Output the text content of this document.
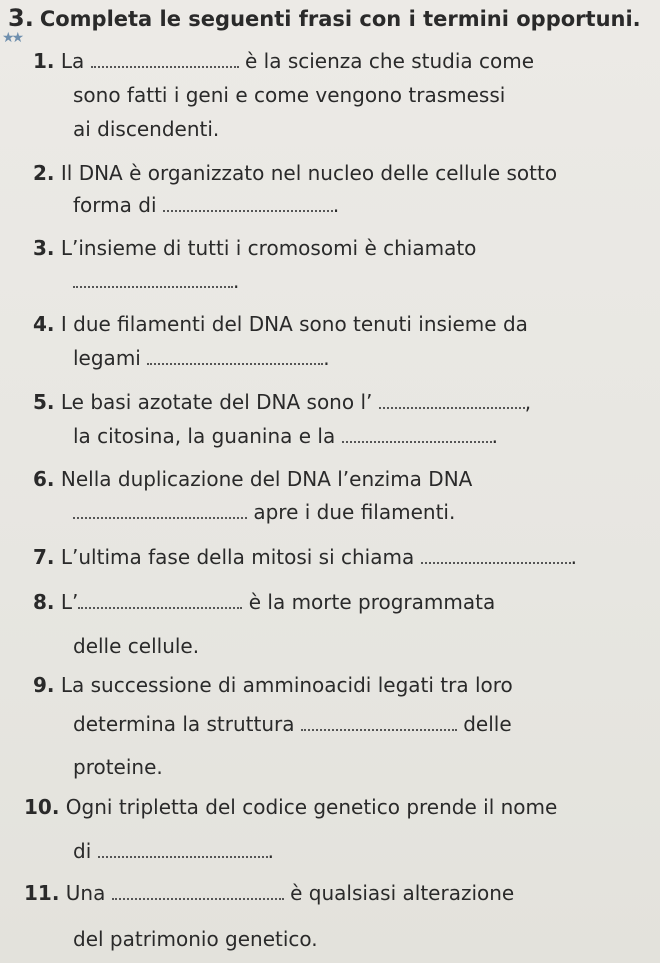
3. Completa le seguenti frasi con i termini opportuni.
★★
1. La	è la scienza che studia come
sono fatti i geni e come vengono trasmessi
ai discendenti.
2. Il DNA è organizzato nel nucleo delle cellule sotto
forma di	.
3. L’insieme di tutti i cromosomi è chiamato
.
4. I due filamenti del DNA sono tenuti insieme da
legami	.
5. Le basi azotate del DNA sono l’	,
la citosina, la guanina e la	.
6. Nella duplicazione del DNA l’enzima DNA
apre i due filamenti.
7. L’ultima fase della mitosi si chiama	.
8. L’	è la morte programmata
delle cellule.
9. La successione di amminoacidi legati tra loro
determina la struttura	delle
proteine.
10. Ogni tripletta del codice genetico prende il nome
di	.
11. Una	è qualsiasi alterazione
del patrimonio genetico.
